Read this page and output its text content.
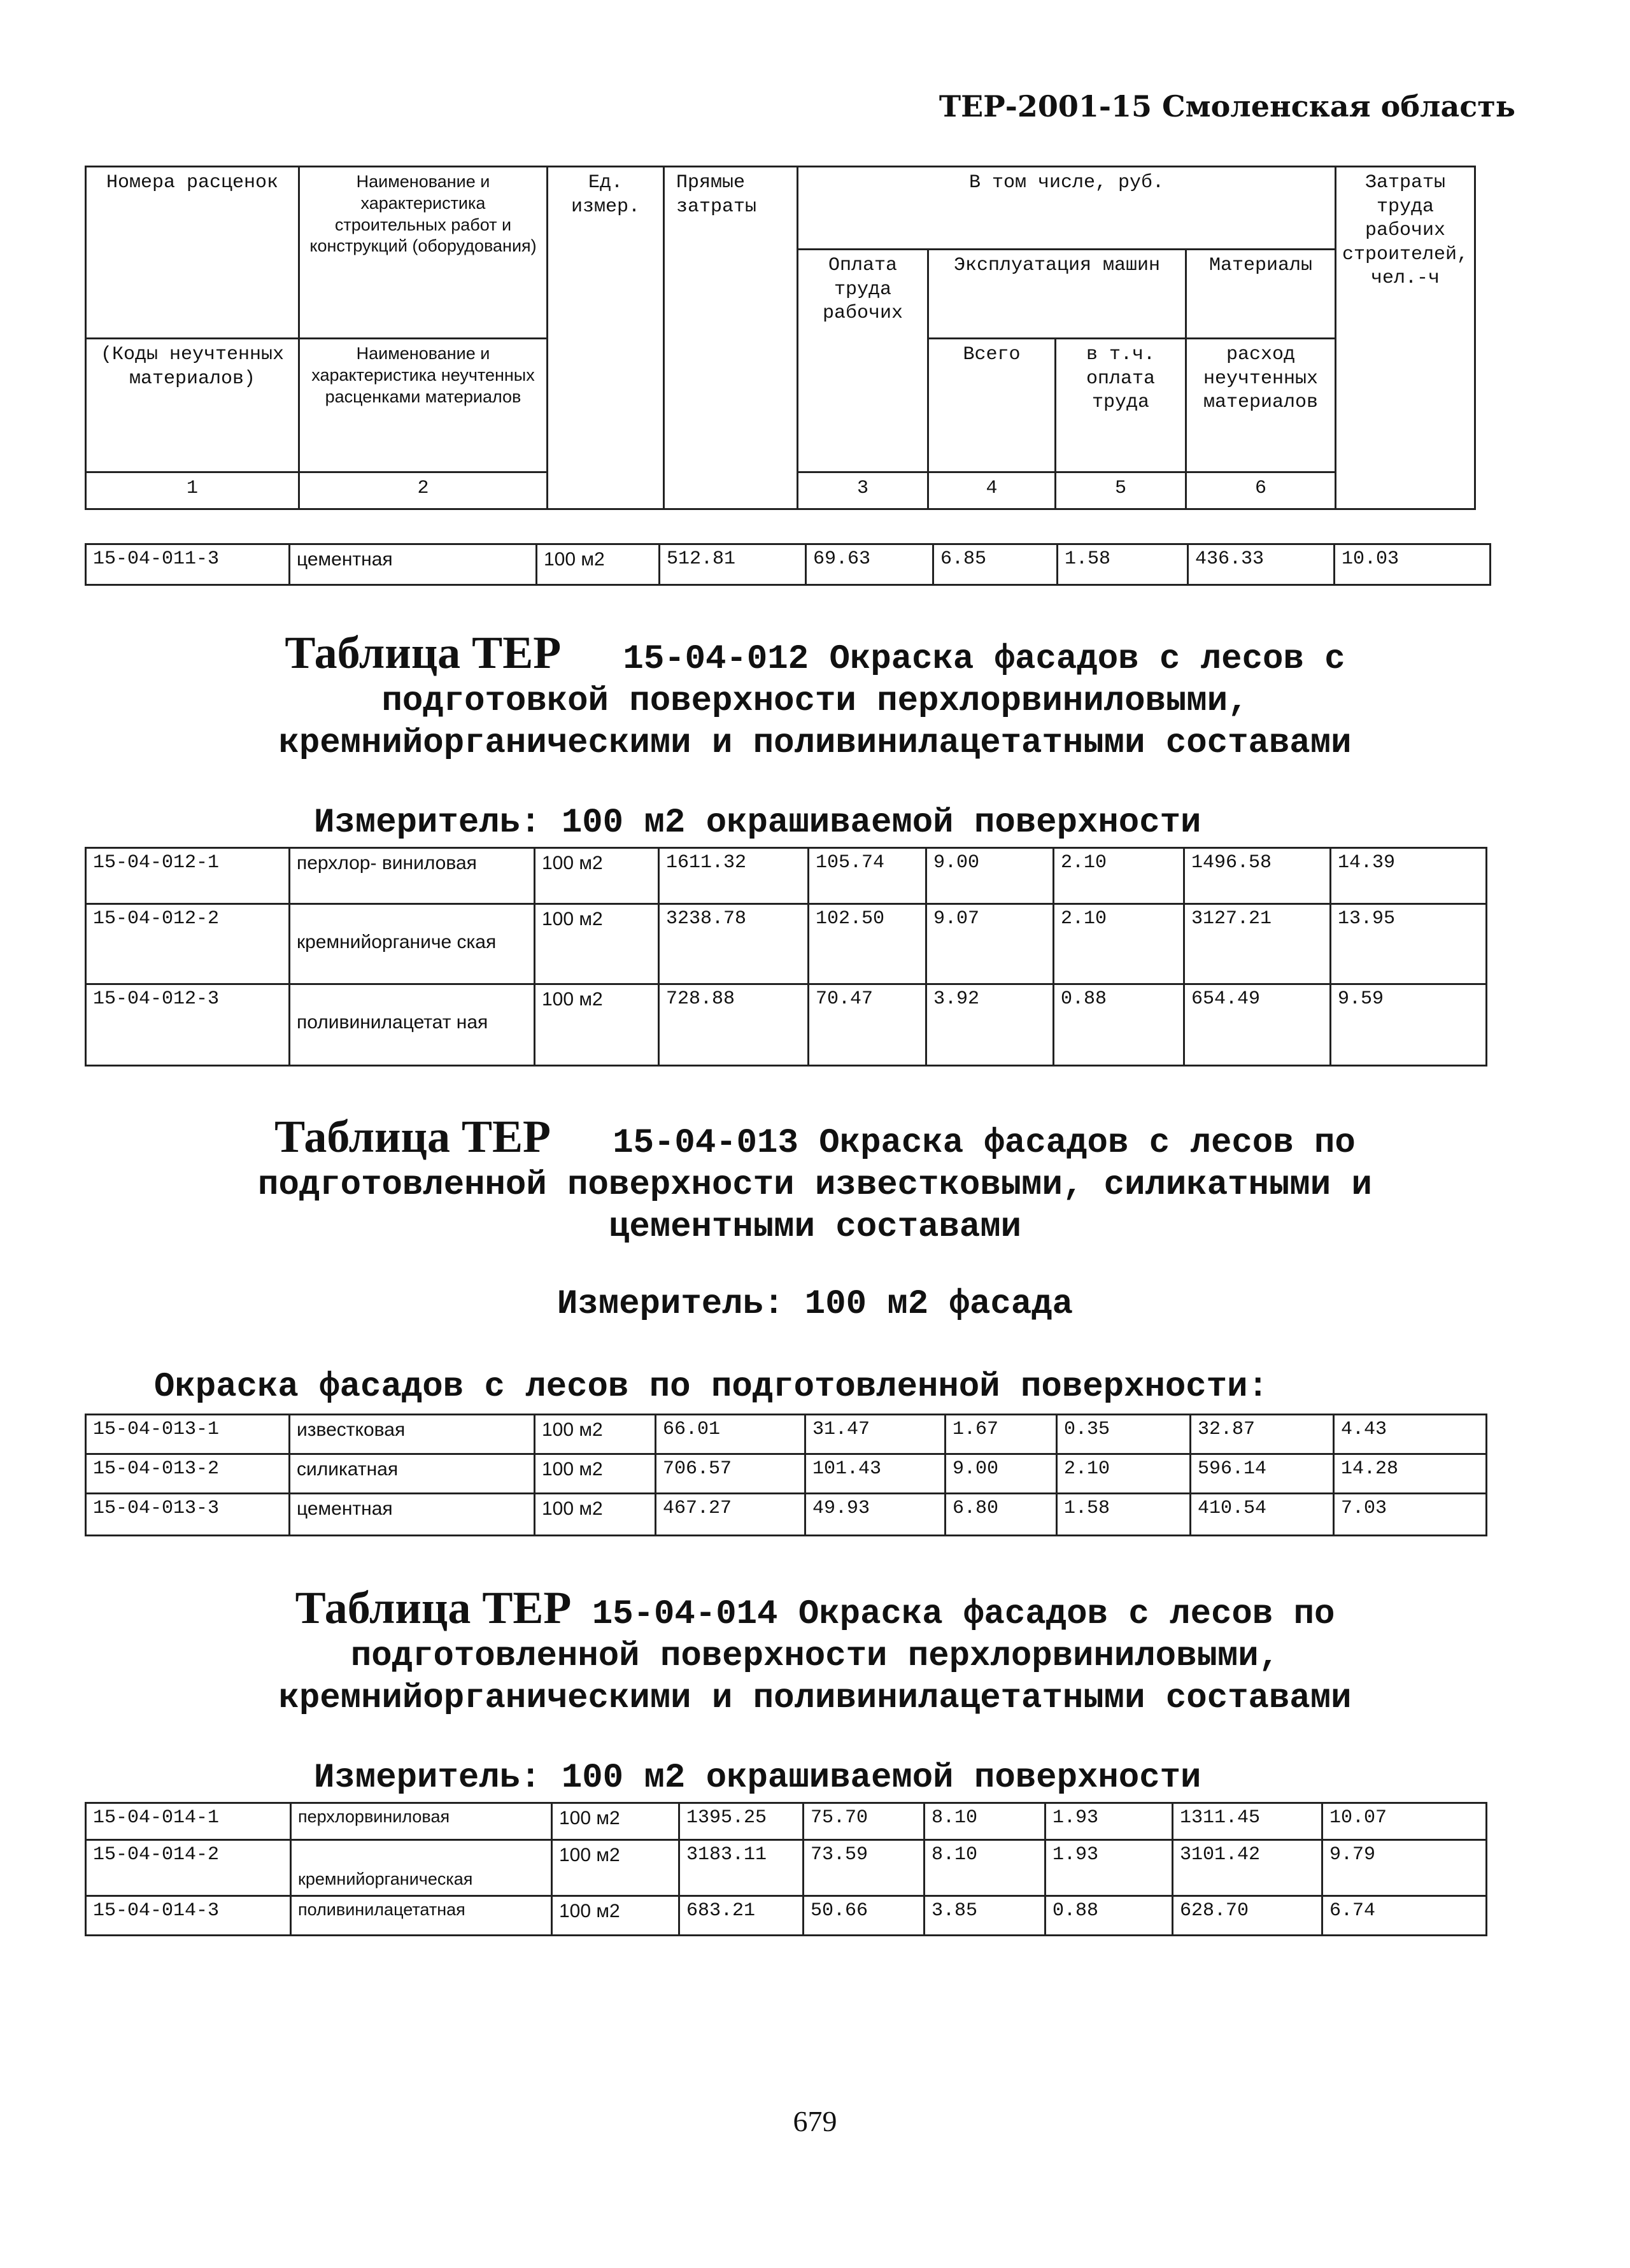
ТЕР-2001-15 Смоленская область
Номера расценок	Наименование и характеристика строительных работ и конструкций (оборудования)	Ед. измер.	Прямые затраты	В том числе, руб.				Затраты труда рабочих строителей, чел.-ч	
				Оплата труда рабочих	Эксплуатация машин		Материалы		
(Коды неучтенных материалов)	Наименование и характеристика неучтенных расценками материалов				Всего	в т.ч. оплата труда	расход неучтенных материалов		
1	2			3	4	5	6			
15-04-011-3	цементная	100 м2	512.81	69.63	6.85	1.58	436.33	10.03
Таблица ТЕР 15-04-012 Окраска фасадов с лесов с
подготовкой поверхности перхлорвиниловыми,
кремнийорганическими и поливинилацетатными составами
Измеритель: 100 м2 окрашиваемой поверхности
15-04-012-1	перхлор- виниловая	100 м2	1611.32	105.74	9.00	2.10	1496.58	14.39
15-04-012-2	кремнийорганиче ская	100 м2	3238.78	102.50	9.07	2.10	3127.21	13.95
15-04-012-3	поливинилацетат ная	100 м2	728.88	70.47	3.92	0.88	654.49	9.59
Таблица ТЕР 15-04-013 Окраска фасадов с лесов по
подготовленной поверхности известковыми, силикатными и
цементными составами
Измеритель: 100 м2 фасада
Окраска фасадов с лесов по подготовленной поверхности:
15-04-013-1	известковая	100 м2	66.01	31.47	1.67	0.35	32.87	4.43
15-04-013-2	силикатная	100 м2	706.57	101.43	9.00	2.10	596.14	14.28
15-04-013-3	цементная	100 м2	467.27	49.93	6.80	1.58	410.54	7.03
Таблица ТЕР 15-04-014 Окраска фасадов с лесов по
подготовленной поверхности перхлорвиниловыми,
кремнийорганическими и поливинилацетатными составами
Измеритель: 100 м2 окрашиваемой поверхности
15-04-014-1	перхлорвиниловая	100 м2	1395.25	75.70	8.10	1.93	1311.45	10.07
15-04-014-2	кремнийорганическая	100 м2	3183.11	73.59	8.10	1.93	3101.42	9.79
15-04-014-3	поливинилацетатная	100 м2	683.21	50.66	3.85	0.88	628.70	6.74
679
